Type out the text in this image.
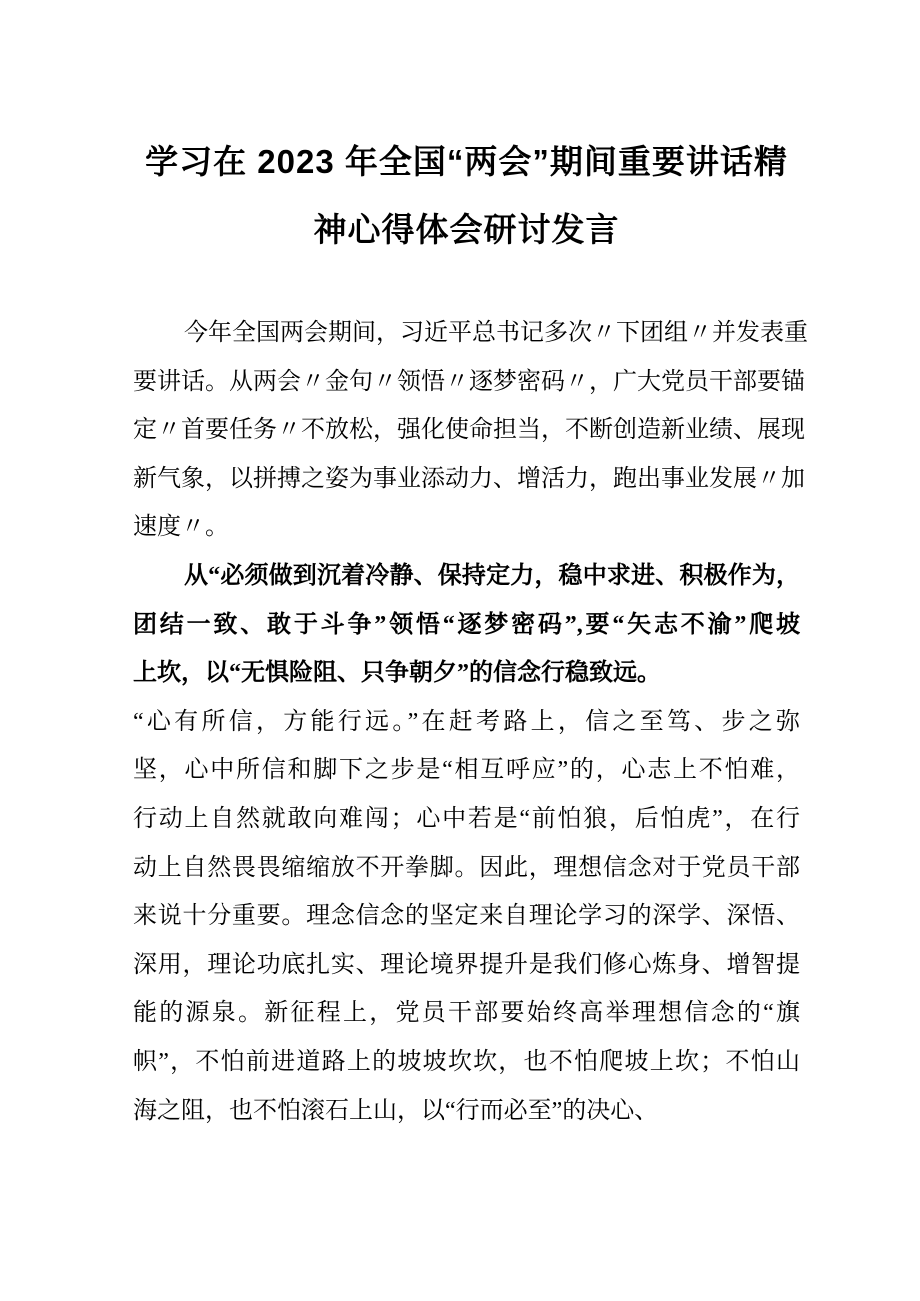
学习在 2023 年全国“两会”期间重要讲话精
神心得体会研讨发言
今年全国两会期间，习近平总书记多次〃下团组〃并发表重
要讲话。从两会〃金句〃领悟〃逐梦密码〃，广大党员干部要锚
定〃首要任务〃不放松，强化使命担当，不断创造新业绩、展现
新气象，以拼搏之姿为事业添动力、增活力，跑出事业发展〃加
速度〃。
从“必须做到沉着冷静、保持定力，稳中求进、积极作为，
团结一致、敢于斗争”领悟“逐梦密码”,要“矢志不渝”爬坡
上坎，以“无惧险阻、只争朝夕”的信念行稳致远。
“心有所信，方能行远。”在赶考路上，信之至笃、步之弥
坚，心中所信和脚下之步是“相互呼应”的，心志上不怕难，
行动上自然就敢向难闯；心中若是“前怕狼，后怕虎”，在行
动上自然畏畏缩缩放不开拳脚。因此，理想信念对于党员干部
来说十分重要。理念信念的坚定来自理论学习的深学、深悟、
深用，理论功底扎实、理论境界提升是我们修心炼身、增智提
能的源泉。新征程上，党员干部要始终高举理想信念的“旗
帜”，不怕前进道路上的坡坡坎坎，也不怕爬坡上坎；不怕山
海之阻，也不怕滚石上山，以“行而必至”的决心、
